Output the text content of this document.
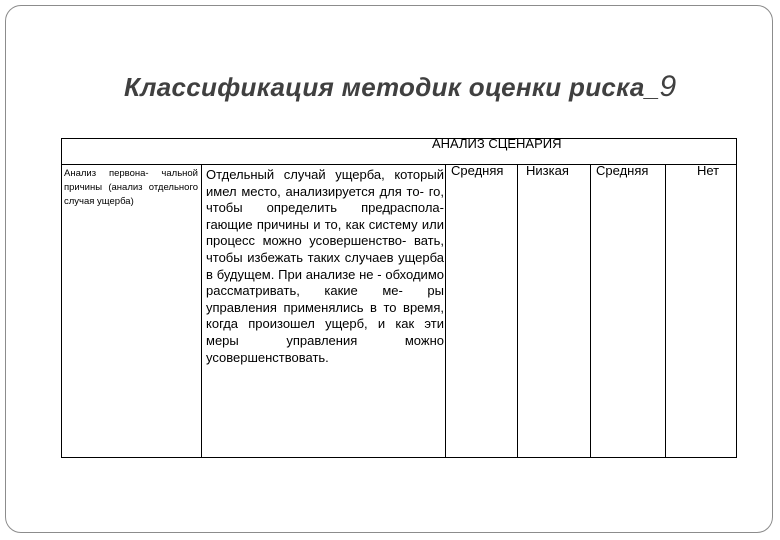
Классификация методик оценки риска_9
АНАЛИЗ СЦЕНАРИЯ
Анализ первона- чальной причины (анализ отдельного случая ущерба)
Отдельный случай ущерба, который имел место, анализируется для то- го, чтобы определить предраспола- гающие причины и то, как систему или процесс можно усовершенство- вать, чтобы избежать таких случаев ущерба в будущем. При анализе не - обходимо рассматривать, какие ме- ры управления применялись в то время, когда произошел ущерб, и как эти меры управления можно усовершенствовать.
Средняя Низкая Средняя	Нет
